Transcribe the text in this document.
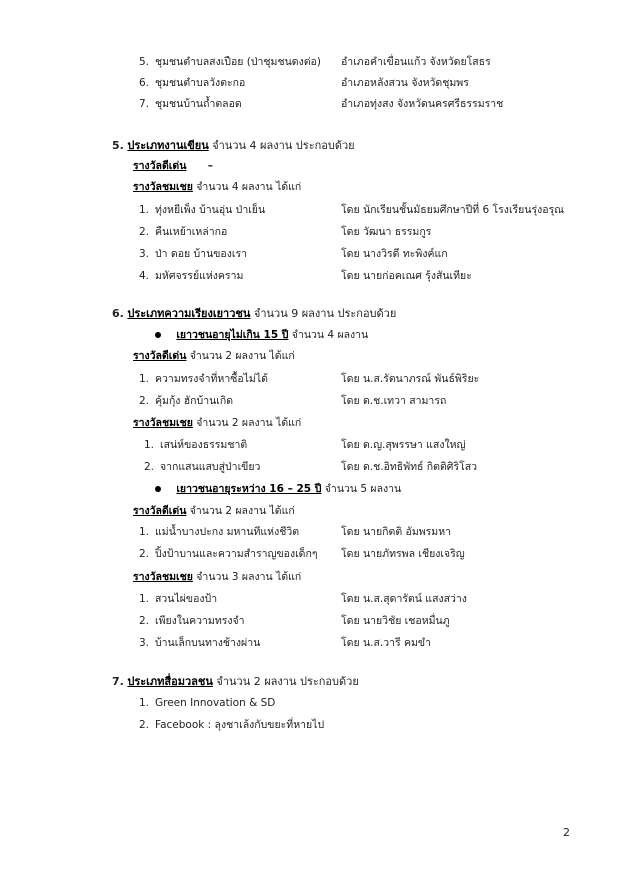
5. ชุมชนตำบลสงเปือย (ป่าชุมชนดงต่อ) อำเภอคำเขื่อนแก้ว จังหวัดยโสธร
6. ชุมชนตำบลวังตะกอ	อำเภอหลังสวน จังหวัดชุมพร
7. ชุมชนบ้านถ้ำตลอด	อำเภอทุ่งสง จังหวัดนครศรีธรรมราช
5. ประเภทงานเขียน จำนวน 4 ผลงาน ประกอบด้วย
รางวัลดีเด่น –
รางวัลชมเชย จำนวน 4 ผลงาน ได้แก่
1. ทุ่งหยีเพ็ง บ้านอุ่น ป่าเย็น	โดย นักเรียนชั้นมัธยมศึกษาปีที่ 6 โรงเรียนรุ่งอรุณ
2. คืนเหย้าเหล่ากอ	โดย วัฒนา ธรรมกูร
3. ป่า ดอย บ้านของเรา	โดย นางวิรดี ทะพิงค์แก
4. มหัศจรรย์แห่งคราม	โดย นายก่อคเณศ รุ้งสันเทียะ
6. ประเภทความเรียงเยาวชน จำนวน 9 ผลงาน ประกอบด้วย
เยาวชนอายุไม่เกิน 15 ปี จำนวน 4 ผลงาน
รางวัลดีเด่น จำนวน 2 ผลงาน ได้แก่
1. ความทรงจำที่หาซื้อไม่ได้	โดย น.ส.รัตนาภรณ์ พันธ์พิริยะ
2. คุ้มกุ้ง ฮักบ้านเกิด	โดย ด.ช.เทวา สามารถ
รางวัลชมเชย จำนวน 2 ผลงาน ได้แก่
1. เสน่ห์ของธรรมชาติ	โดย ด.ญ.สุพรรษา แสงใหญ่
2. จากแสนแสบสู่ป่าเขียว	โดย ด.ช.อิทธิพัทธ์ กิตติศิริโสว
เยาวชนอายุระหว่าง 16 – 25 ปี จำนวน 5 ผลงาน
รางวัลดีเด่น จำนวน 2 ผลงาน ได้แก่
1. แม่น้ำบางปะกง มหานทีแห่งชีวิต	โดย นายกิตติ อัมพรมหา
2. ปิ้งป้าบานและความสำราญของเด็กๆ โดย นายภัทรพล เชียงเจริญ
รางวัลชมเชย จำนวน 3 ผลงาน ได้แก่
1. สวนไผ่ของป้า	โดย น.ส.สุดารัตน์ แสงสว่าง
2. เพียงในความทรงจำ	โดย นายวิชัย เชอหมื่นภู
3. บ้านเล็กบนทางช้างผ่าน	โดย น.ส.วารี คมขำ
7. ประเภทสื่อมวลชน จำนวน 2 ผลงาน ประกอบด้วย
1. Green Innovation & SD
2. Facebook : ลุงชาเล้งกับขยะที่หายไป
2
